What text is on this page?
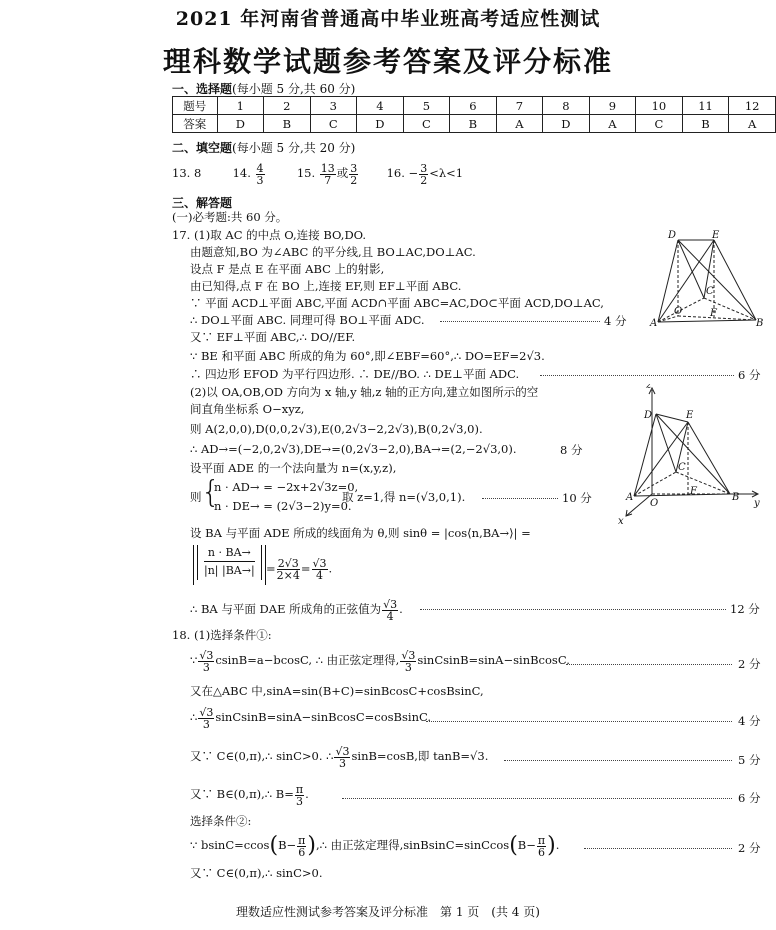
2021 年河南省普通高中毕业班高考适应性测试
理科数学试题参考答案及评分标准
一、选择题(每小题 5 分,共 60 分)
题号	1	2	3	4	5	6	7	8	9	10	11	12
答案	D	B	C	D	C	B	A	D	A	C	B	A
二、填空题(每小题 5 分,共 20 分)
13. 8	14. $\frac{4}{3}$	15. $\frac{13}{7}$ 或 $\frac{3}{2} 16$. − $\frac{3}{2} <\lambda<1$
三、解答题
(一)必考题:共 60 分。
17. (1)取 AC 的中点 O,连接 BO,DO.
由题意知,BO 为∠ABC 的平分线,且 BO⊥AC,DO⊥AC.
设点 F 是点 E 在平面 ABC 上的射影,
由已知得,点 F 在 BO 上,连接 EF,则 EF⊥平面 ABC.
∵ 平面 ACD⊥平面 ABC,平面 ACD∩平面 ABC=AC,DO⊂平面 ACD,DO⊥AC,
∴ DO⊥平面 ABC. 同理可得 BO⊥平面 ADC.	4 分
又∵ EF⊥平面 ABC,∴ DO//EF.
∵ BE 和平面 ABC 所成的角为 60°,即∠EBF=60°,∴ DO=EF=2√3.
∴ 四边形 EFOD 为平行四边形. ∴ DE//BO. ∴ DE⊥平面 ADC.	6 分
(2)以 OA,OB,OD 方向为 x 轴,y 轴,z 轴的正方向,建立如图所示的空
间直角坐标系 O−xyz,
则 A(2,0,0),D(0,0,2√3),E(0,2√3−2,2√3),B(0,2√3,0).
∴ AD→=(−2,0,2√3),DE→=(0,2√3−2,0),BA→=(2,−2√3,0).	8 分
设平面 ADE 的一个法向量为 n=(x,y,z),
则 {
n · AD→ = −2x+2√3z=0,
n · DE→ = (2√3−2)y=0.
取 z=1,得 n=(√3,0,1).	10 分
设 BA 与平面 ADE 所成的线面角为 θ,则 sinθ = |cos⟨n,BA→⟩| =
n · BA→
|n| $|BA\to| = \frac{2√3}{2\times 4} = \frac{√3}{4}$ .
∴ BA 与平面 DAE 所成角的正弦值为 $\frac{√3}{4}$ .	12 分
18. (1)选择条件①:
∵ $\frac{√3}{3} csinB=a-bcosC$, ∴ 由正弦定理得, $\frac{√3}{3}$ sinCsinB=sinA−sinBcosC.	2 分
又在△ABC 中,sinA=sin(B+C)=sinBcosC+cosBsinC,
∴ $\frac{√3}{3}$ sinCsinB=sinA−sinBcosC=cosBsinC.	4 分
又∵ C∈(0,π),∴ sinC>0. ∴ $\frac{√3}{3} \sin B=\cos B$,即 tanB=√3.	5 分
又∵ B∈(0,π),∴ $B= \frac{\pi}{3}$ .	6 分
选择条件②:
∵ $bsinC=ccos(B- \frac{\pi}{6}$ ),∴ 由正弦定理得,sinBsinC=sinCcos(B− $\frac{\pi}{6}$ ).	2 分
又∵ C∈(0,π),∴ sinC>0.
理数适应性测试参考答案及评分标准　第 1 页　(共 4 页)
D	E
C
A
O	F
B
z
D	E
C
A
O
F
B
y
x
